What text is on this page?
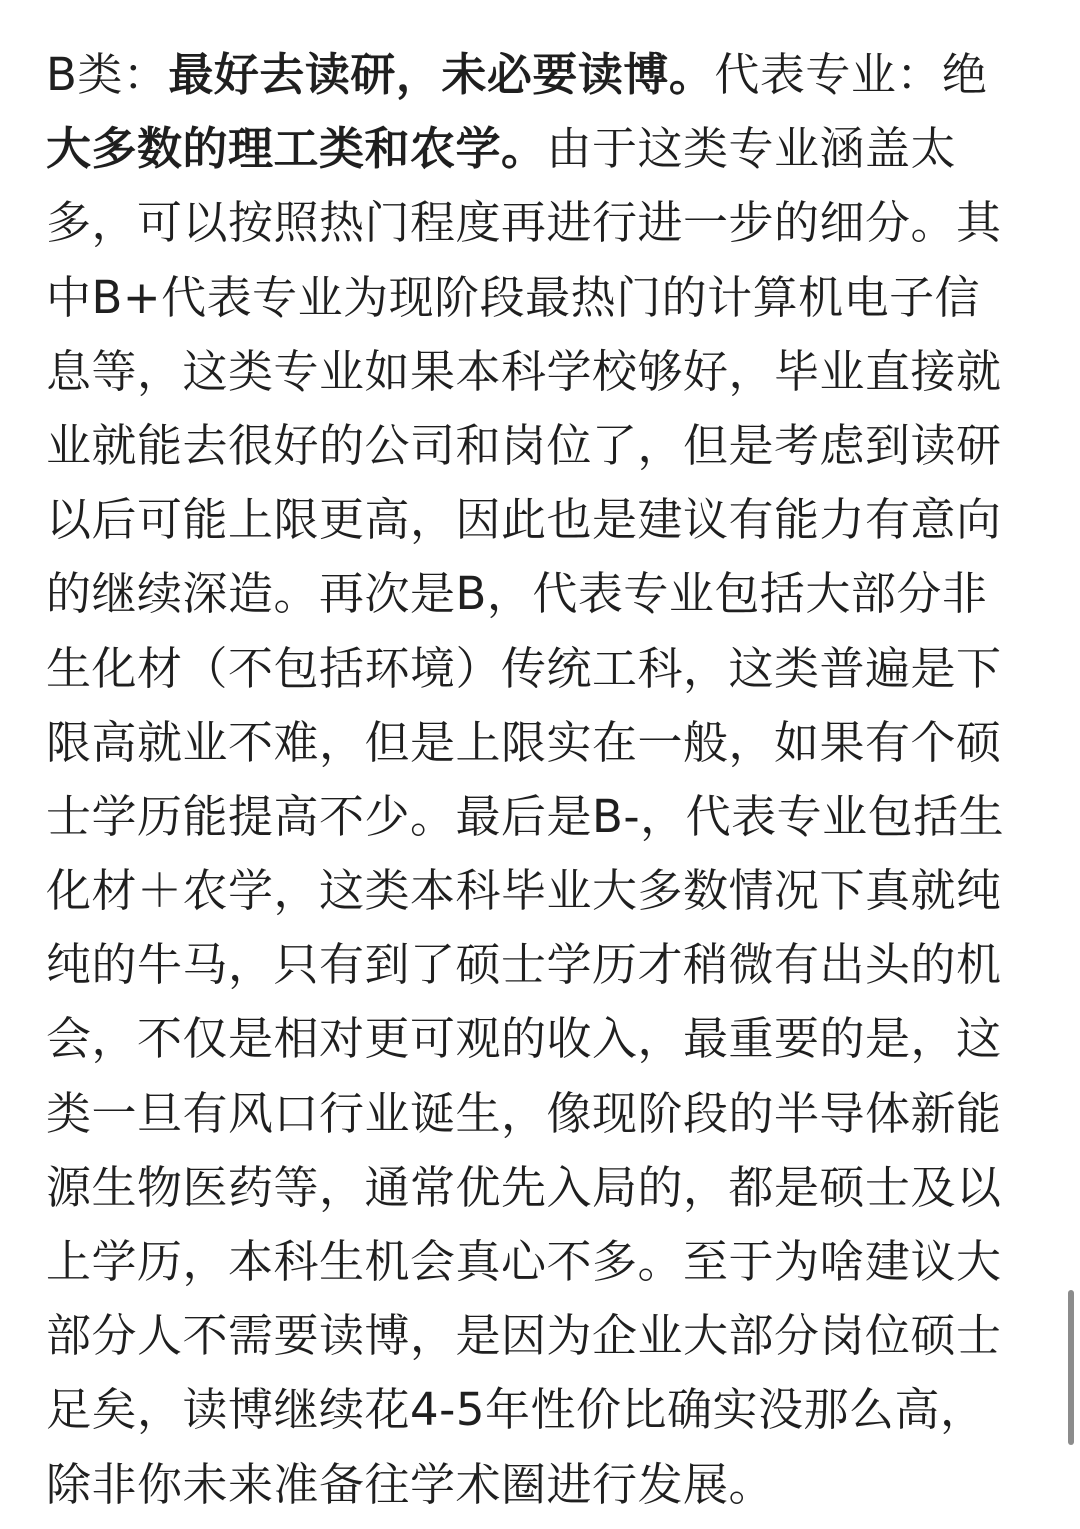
B类：最好去读研，未必要读博。代表专业：绝
大多数的理工类和农学。由于这类专业涵盖太
多，可以按照热门程度再进行进一步的细分。其
中B+代表专业为现阶段最热门的计算机电子信
息等，这类专业如果本科学校够好，毕业直接就
业就能去很好的公司和岗位了，但是考虑到读研
以后可能上限更高，因此也是建议有能力有意向
的继续深造。再次是B，代表专业包括大部分非
生化材（不包括环境）传统工科，这类普遍是下
限高就业不难，但是上限实在一般，如果有个硕
士学历能提高不少。最后是B-，代表专业包括生
化材＋农学，这类本科毕业大多数情况下真就纯
纯的牛马，只有到了硕士学历才稍微有出头的机
会，不仅是相对更可观的收入，最重要的是，这
类一旦有风口行业诞生，像现阶段的半导体新能
源生物医药等，通常优先入局的，都是硕士及以
上学历，本科生机会真心不多。至于为啥建议大
部分人不需要读博，是因为企业大部分岗位硕士
足矣，读博继续花4-5年性价比确实没那么高，
除非你未来准备往学术圈进行发展。
